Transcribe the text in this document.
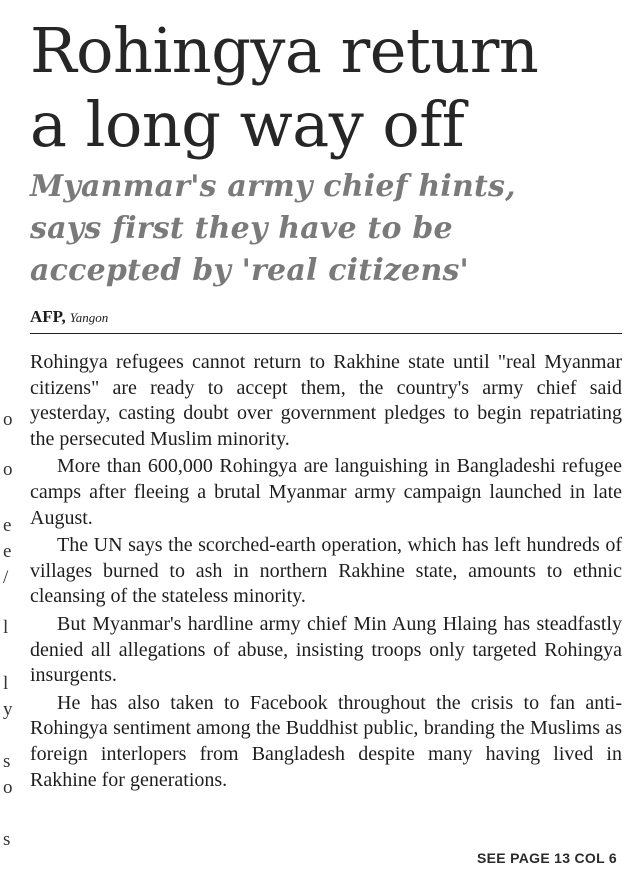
o
o
e
e
/
l
l
y
s
o
s
Rohingya return
a long way off
Myanmar's army chief hints,
says first they have to be
accepted by 'real citizens'
AFP, Yangon

Rohingya refugees cannot return to Rakhine state until "real Myanmar citizens" are ready to accept them, the country's army chief said yesterday, casting doubt over government pledges to begin repatriating the persecuted Muslim minority.

More than 600,000 Rohingya are languishing in Bangladeshi refugee camps after fleeing a brutal Myanmar army campaign launched in late August.

The UN says the scorched-earth operation, which has left hundreds of villages burned to ash in northern Rakhine state, amounts to ethnic cleansing of the stateless minority.

But Myanmar's hardline army chief Min Aung Hlaing has steadfastly denied all allegations of abuse, insisting troops only targeted Rohingya insurgents.

He has also taken to Facebook throughout the crisis to fan anti-Rohingya sentiment among the Buddhist public, branding the Muslims as foreign interlopers from Bangladesh despite many having lived in Rakhine for generations.

SEE PAGE 13 COL 6
